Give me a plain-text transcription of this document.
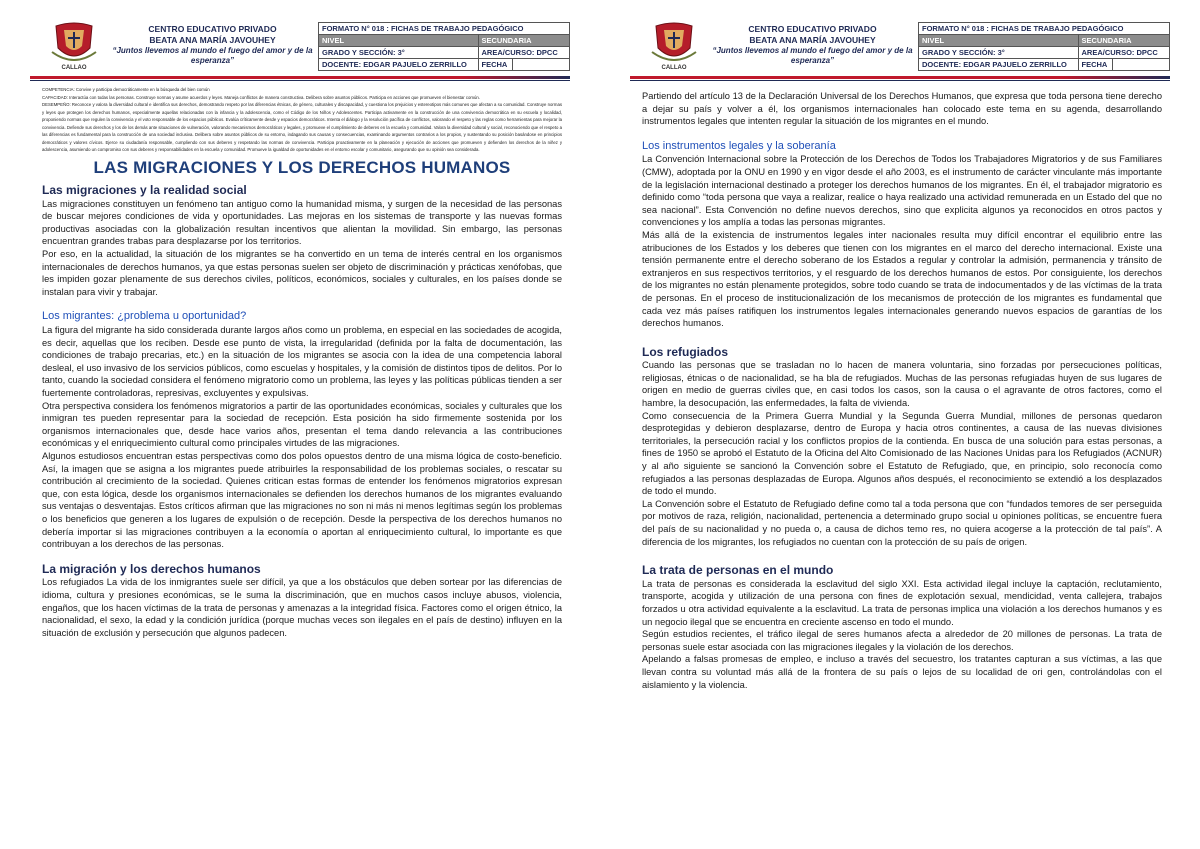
CALLAO
CENTRO EDUCATIVO PRIVADO
BEATA ANA MARÍA JAVOUHEY
“Juntos llevemos al mundo el fuego del amor y de la esperanza”
FORMATO N° 018 : FICHAS DE TRABAJO PEDAGÓGICO		
NIVEL	SECUNDARIA	
GRADO Y SECCIÓN: 3°	AREA/CURSO: DPCC	
DOCENTE: EDGAR PAJUELO ZERRILLO	FECHA	

COMPETENCIA: Convive y participa democráticamente en la búsqueda del bien común

CAPACIDAD: Interactúa con todas las personas. Construye normas y asume acuerdos y leyes. Maneja conflictos de manera constructiva. Delibera sobre asuntos públicos. Participa en acciones que promueven el bienestar común.

DESEMPEÑO: Reconoce y valora la diversidad cultural e identifica sus derechos, demostrando respeto por las diferencias étnicas, de género, culturales y discapacidad, y cuestiona los prejuicios y estereotipos más comunes que afectan a su comunidad. Construye normas y leyes que protegen los derechos humanos, especialmente aquellas relacionadas con la infancia y la adolescencia, como el Código de los Niños y Adolescentes. Participa activamente en la construcción de una convivencia democrática en su escuela y localidad, proponiendo normas que regulen la convivencia y el voto responsable de los espacios públicos. Evalúa críticamente desde y espacios democráticos. Intenta el diálogo y la resolución pacífica de conflictos, valorando el respeto y las reglas como herramientas para mejorar la convivencia. Defiende sus derechos y los de los demás ante situaciones de vulneración, valorando mecanismos democráticos y legales, y promueve el cumplimiento de deberes en la escuela y comunidad. Valora la diversidad cultural y social, reconociendo que el respeto a las diferencias es fundamental para la construcción de una sociedad inclusiva. Delibera sobre asuntos públicos de su entorno, indagando sus causas y consecuencias, examinando argumentos contrarios a los propios, y sustentando su posición basándose en principios democráticos y valores cívicos. Ejerce su ciudadanía responsable, cumpliendo con sus deberes y respetando las normas de convivencia. Participa proactivamente en la planeación y ejecución de acciones que promueven y defienden los derechos de la niñez y adolescencia, asumiendo un compromiso con sus deberes y responsabilidades en la escuela y comunidad. Promueve la igualdad de oportunidades en el entorno escolar y comunitario, asegurando que su opinión sea considerada.

LAS MIGRACIONES Y LOS DERECHOS HUMANOS
Las migraciones y la realidad social

Las migraciones constituyen un fenómeno tan antiguo como la humanidad misma, y surgen de la necesidad de las personas de buscar mejores condiciones de vida y oportunidades. Las mejoras en los sistemas de transporte y las nuevas formas productivas asociadas con la globalización resultan incentivos que alientan la movilidad. Sin embargo, las personas encuentran grandes trabas para desplazarse por los territorios.

Por eso, en la actualidad, la situación de los migrantes se ha convertido en un tema de interés central en los organismos internacionales de derechos humanos, ya que estas personas suelen ser objeto de discriminación y prácticas xenófobas, que les impiden gozar plenamente de sus derechos civiles, políticos, económicos, sociales y culturales, en los países donde se instalan para vivir y trabajar.

Los migrantes: ¿problema u oportunidad?

La figura del migrante ha sido considerada durante largos años como un problema, en especial en las sociedades de acogida, es decir, aquellas que los reciben. Desde ese punto de vista, la irregularidad (definida por la falta de documentación, las condiciones de trabajo precarias, etc.) en la situación de los migrantes se asocia con la idea de una competencia laboral desleal, el uso invasivo de los servicios públicos, como escuelas y hospitales, y la comisión de distintos tipos de delitos. Por lo tanto, cuando la sociedad considera el fenómeno migratorio como un problema, las leyes y las políticas públicas tienden a ser fuertemente controladoras, represivas, excluyentes y expulsivas.

Otra perspectiva considera los fenómenos migratorios a partir de las oportunidades económicas, sociales y culturales que los inmigran tes pueden representar para la sociedad de recepción. Esta posición ha sido firmemente sostenida por los organismos internacionales que, desde hace varios años, presentan el tema dando relevancia a las contribuciones económicas y el enriquecimiento cultural como principales virtudes de las migraciones.

Algunos estudiosos encuentran estas perspectivas como dos polos opuestos dentro de una misma lógica de costo-beneficio. Así, la imagen que se asigna a los migrantes puede atribuirles la responsabilidad de los problemas sociales, o rescatar su contribución al crecimiento de la sociedad. Quienes critican estas formas de entender los fenómenos migratorios expresan que, con esta lógica, desde los organismos internacionales se defienden los derechos humanos de los migrantes evaluando sus ventajas o desventajas. Estos críticos afirman que las migraciones no son ni más ni menos legítimas según los problemas o los beneficios que generen a los lugares de expulsión o de recepción. Desde la perspectiva de los derechos humanos no debería importar si las migraciones contribuyen a la economía o aportan al enriquecimiento cultural, lo importante es que contribuyan a los derechos de las personas.

La migración y los derechos humanos

Los refugiados La vida de los inmigrantes suele ser difícil, ya que a los obstáculos que deben sortear por las diferencias de idioma, cultura y presiones económicas, se le suma la discriminación, que en muchos casos incluye abusos, violencia, engaños, que los hacen víctimas de la trata de personas y amenazas a la integridad física. Factores como el origen étnico, la nacionalidad, el sexo, la edad y la condición jurídica (porque muchas veces son ilegales en el país de destino) influyen en la situación de exclusión y persecución que algunos padecen.

CALLAO
CENTRO EDUCATIVO PRIVADO
BEATA ANA MARÍA JAVOUHEY
“Juntos llevemos al mundo el fuego del amor y de la esperanza”
FORMATO N° 018 : FICHAS DE TRABAJO PEDAGÓGICO		
NIVEL	SECUNDARIA	
GRADO Y SECCIÓN: 3°	AREA/CURSO: DPCC	
DOCENTE: EDGAR PAJUELO ZERRILLO	FECHA	

Partiendo del artículo 13 de la Declaración Universal de los Derechos Humanos, que expresa que toda persona tiene derecho a dejar su país y volver a él, los organismos internacionales han colocado este tema en su agenda, desarrollando instrumentos legales que intenten regular la situación de los migrantes en el mundo.

Los instrumentos legales y la soberanía

La Convención Internacional sobre la Protección de los Derechos de Todos los Trabajadores Migratorios y de sus Familiares (CMW), adoptada por la ONU en 1990 y en vigor desde el año 2003, es el instrumento de carácter vinculante más importante de la legislación internacional destinado a proteger los derechos humanos de los migrantes. En él, el trabajador migratorio es definido como “toda persona que vaya a realizar, realice o haya realizado una actividad remunerada en un Estado del que no sea nacional”. Esta Convención no define nuevos derechos, sino que explicita algunos ya reconocidos en otros pactos y convenciones y los amplía a todas las personas migrantes.

Más allá de la existencia de instrumentos legales inter nacionales resulta muy difícil encontrar el equilibrio entre las atribuciones de los Estados y los deberes que tienen con los migrantes en el marco del derecho internacional. Existe una tensión permanente entre el derecho soberano de los Estados a regular y controlar la admisión, permanencia y tránsito de extranjeros en sus respectivos territorios, y el resguardo de los derechos humanos de estos. Por consiguiente, los derechos de los migrantes no están plenamente protegidos, sobre todo cuando se trata de indocumentados y de las víctimas de la trata de personas. En el proceso de institucionalización de los mecanismos de protección de los migrantes es fundamental que cada vez más países ratifiquen los instrumentos legales internacionales generando nuevos espacios de garantías de los derechos humanos.

Los refugiados

Cuando las personas que se trasladan no lo hacen de manera voluntaria, sino forzadas por persecuciones políticas, religiosas, étnicas o de nacionalidad, se ha bla de refugiados. Muchas de las personas refugiadas huyen de sus lugares de origen en medio de guerras civiles que, en casi todos los casos, son la causa o el agravante de otros factores, como el hambre, la desocupación, las enfermedades, la falta de vivienda.

Como consecuencia de la Primera Guerra Mundial y la Segunda Guerra Mundial, millones de personas quedaron desprotegidas y debieron desplazarse, dentro de Europa y hacia otros continentes, a causa de las nuevas divisiones territoriales, la persecución racial y los conflictos propios de la contienda. En busca de una solución para estas personas, a fines de 1950 se aprobó el Estatuto de la Oficina del Alto Comisionado de las Naciones Unidas para los Refugiados (ACNUR) y al año siguiente se sancionó la Convención sobre el Estatuto de Refugiado, que, en principio, solo reconocía como refugiados a las personas desplazadas de Europa. Algunos años después, el reconocimiento se extendió a los desplazados de todo el mundo.

La Convención sobre el Estatuto de Refugiado define como tal a toda persona que con “fundados temores de ser perseguida por motivos de raza, religión, nacionalidad, pertenencia a determinado grupo social u opiniones políticas, se encuentre fuera del país de su nacionalidad y no pueda o, a causa de dichos temo res, no quiera acogerse a la protección de tal país”. A diferencia de los migrantes, los refugiados no cuentan con la protección de su país de origen.

La trata de personas en el mundo

La trata de personas es considerada la esclavitud del siglo XXI. Esta actividad ilegal incluye la captación, reclutamiento, transporte, acogida y utilización de una persona con fines de explotación sexual, mendicidad, venta callejera, trabajos forzados u otra actividad equivalente a la esclavitud. La trata de personas implica una violación a los derechos humanos y es un negocio ilegal que se encuentra en creciente ascenso en todo el mundo.

Según estudios recientes, el tráfico ilegal de seres humanos afecta a alrededor de 20 millones de personas. La trata de personas suele estar asociada con las migraciones ilegales y la violación de los derechos.

Apelando a falsas promesas de empleo, e incluso a través del secuestro, los tratantes capturan a sus víctimas, a las que llevan contra su voluntad más allá de la frontera de su país o lejos de su localidad de ori gen, controlándolas con el aislamiento y la violencia.
